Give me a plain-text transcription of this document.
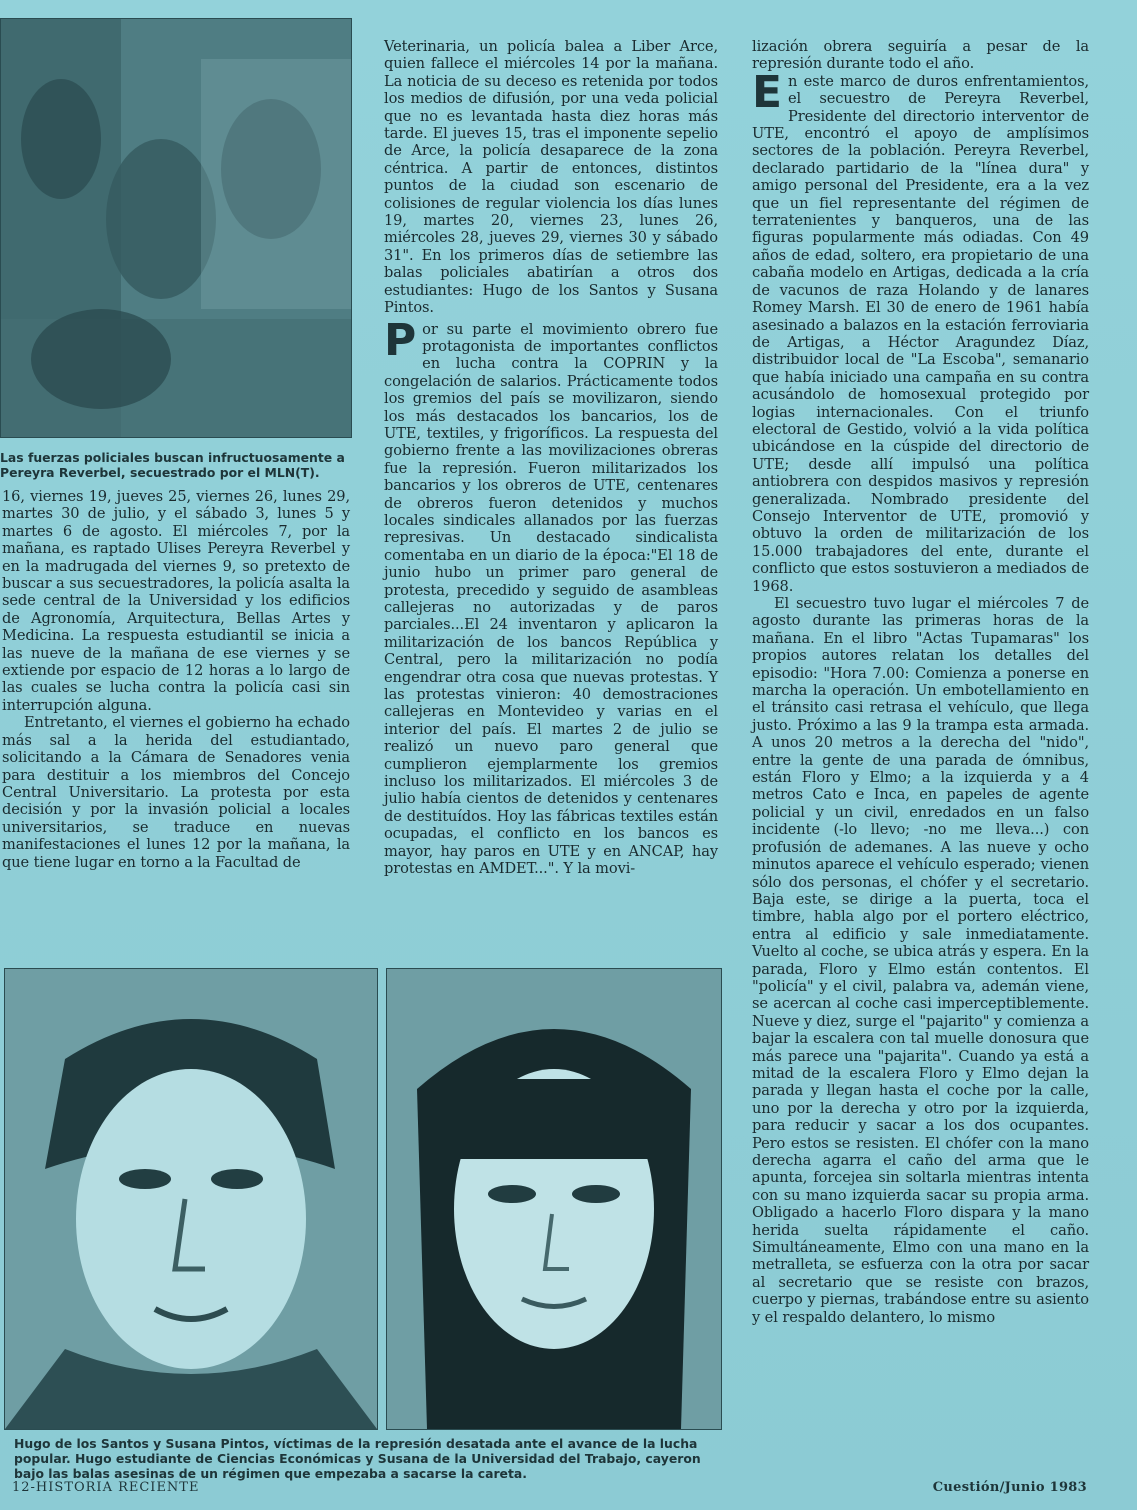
Las fuerzas policiales buscan infructuosamente a Pereyra Reverbel, secuestrado por el MLN(T).

16, viernes 19, jueves 25, viernes 26, lunes 29, martes 30 de julio, y el sábado 3, lunes 5 y martes 6 de agosto. El miércoles 7, por la mañana, es raptado Ulises Pereyra Reverbel y en la madrugada del viernes 9, so pretexto de buscar a sus secuestradores, la policía asalta la sede central de la Universidad y los edificios de Agronomía, Arquitectura, Bellas Artes y Medicina. La respuesta estudiantil se inicia a las nueve de la mañana de ese viernes y se extiende por espacio de 12 horas a lo largo de las cuales se lucha contra la policía casi sin interrupción alguna.

Entretanto, el viernes el gobierno ha echado más sal a la herida del estudiantado, solicitando a la Cámara de Senadores venia para destituir a los miembros del Concejo Central Universitario. La protesta por esta decisión y por la invasión policial a locales universitarios, se traduce en nuevas manifestaciones el lunes 12 por la mañana, la que tiene lugar en torno a la Facultad de

Veterinaria, un policía balea a Liber Arce, quien fallece el miércoles 14 por la mañana. La noticia de su deceso es retenida por todos los medios de difusión, por una veda policial que no es levantada hasta diez horas más tarde. El jueves 15, tras el imponente sepelio de Arce, la policía desaparece de la zona céntrica. A partir de entonces, distintos puntos de la ciudad son escenario de colisiones de regular violencia los días lunes 19, martes 20, viernes 23, lunes 26, miércoles 28, jueves 29, viernes 30 y sábado 31". En los primeros días de setiembre las balas policiales abatirían a otros dos estudiantes: Hugo de los Santos y Susana Pintos.

Por su parte el movimiento obrero fue protagonista de importantes conflictos en lucha contra la COPRIN y la congelación de salarios. Prácticamente todos los gremios del país se movilizaron, siendo los más destacados los bancarios, los de UTE, textiles, y frigoríficos. La respuesta del gobierno frente a las movilizaciones obreras fue la represión. Fueron militarizados los bancarios y los obreros de UTE, centenares de obreros fueron detenidos y muchos locales sindicales allanados por las fuerzas represivas. Un destacado sindicalista comentaba en un diario de la época:"El 18 de junio hubo un primer paro general de protesta, precedido y seguido de asambleas callejeras no autorizadas y de paros parciales...El 24 inventaron y aplicaron la militarización de los bancos República y Central, pero la militarización no podía engendrar otra cosa que nuevas protestas. Y las protestas vinieron: 40 demostraciones callejeras en Montevideo y varias en el interior del país. El martes 2 de julio se realizó un nuevo paro general que cumplieron ejemplarmente los gremios incluso los militarizados. El miércoles 3 de julio había cientos de detenidos y centenares de destituídos. Hoy las fábricas textiles están ocupadas, el conflicto en los bancos es mayor, hay paros en UTE y en ANCAP, hay protestas en AMDET...". Y la movi-

lización obrera seguiría a pesar de la represión durante todo el año.

En este marco de duros enfrentamientos, el secuestro de Pereyra Reverbel, Presidente del directorio interventor de UTE, encontró el apoyo de amplísimos sectores de la población. Pereyra Reverbel, declarado partidario de la "línea dura" y amigo personal del Presidente, era a la vez que un fiel representante del régimen de terratenientes y banqueros, una de las figuras popularmente más odiadas. Con 49 años de edad, soltero, era propietario de una cabaña modelo en Artigas, dedicada a la cría de vacunos de raza Holando y de lanares Romey Marsh. El 30 de enero de 1961 había asesinado a balazos en la estación ferroviaria de Artigas, a Héctor Aragundez Díaz, distribuidor local de "La Escoba", semanario que había iniciado una campaña en su contra acusándolo de homosexual protegido por logias internacionales. Con el triunfo electoral de Gestido, volvió a la vida política ubicándose en la cúspide del directorio de UTE; desde allí impulsó una política antiobrera con despidos masivos y represión generalizada. Nombrado presidente del Consejo Interventor de UTE, promovió y obtuvo la orden de militarización de los 15.000 trabajadores del ente, durante el conflicto que estos sostuvieron a mediados de 1968.

El secuestro tuvo lugar el miércoles 7 de agosto durante las primeras horas de la mañana. En el libro "Actas Tupamaras" los propios autores relatan los detalles del episodio: "Hora 7.00: Comienza a ponerse en marcha la operación. Un embotellamiento en el tránsito casi retrasa el vehículo, que llega justo. Próximo a las 9 la trampa esta armada. A unos 20 metros a la derecha del "nido", entre la gente de una parada de ómnibus, están Floro y Elmo; a la izquierda y a 4 metros Cato e Inca, en papeles de agente policial y un civil, enredados en un falso incidente (-lo llevo; -no me lleva...) con profusión de ademanes. A las nueve y ocho minutos aparece el vehículo esperado; vienen sólo dos personas, el chófer y el secretario. Baja este, se dirige a la puerta, toca el timbre, habla algo por el portero eléctrico, entra al edificio y sale inmediatamente. Vuelto al coche, se ubica atrás y espera. En la parada, Floro y Elmo están contentos. El "policía" y el civil, palabra va, ademán viene, se acercan al coche casi imperceptiblemente. Nueve y diez, surge el "pajarito" y comienza a bajar la escalera con tal muelle donosura que más parece una "pajarita". Cuando ya está a mitad de la escalera Floro y Elmo dejan la parada y llegan hasta el coche por la calle, uno por la derecha y otro por la izquierda, para reducir y sacar a los dos ocupantes. Pero estos se resisten. El chófer con la mano derecha agarra el caño del arma que le apunta, forcejea sin soltarla mientras intenta con su mano izquierda sacar su propia arma. Obligado a hacerlo Floro dispara y la mano herida suelta rápidamente el caño. Simultáneamente, Elmo con una mano en la metralleta, se esfuerza con la otra por sacar al secretario que se resiste con brazos, cuerpo y piernas, trabándose entre su asiento y el respaldo delantero, lo mismo

Hugo de los Santos y Susana Pintos, víctimas de la represión desatada ante el avance de la lucha popular. Hugo estudiante de Ciencias Económicas y Susana de la Universidad del Trabajo, cayeron bajo las balas asesinas de un régimen que empezaba a sacarse la careta.

12-HISTORIA RECIENTE	Cuestión/Junio 1983
